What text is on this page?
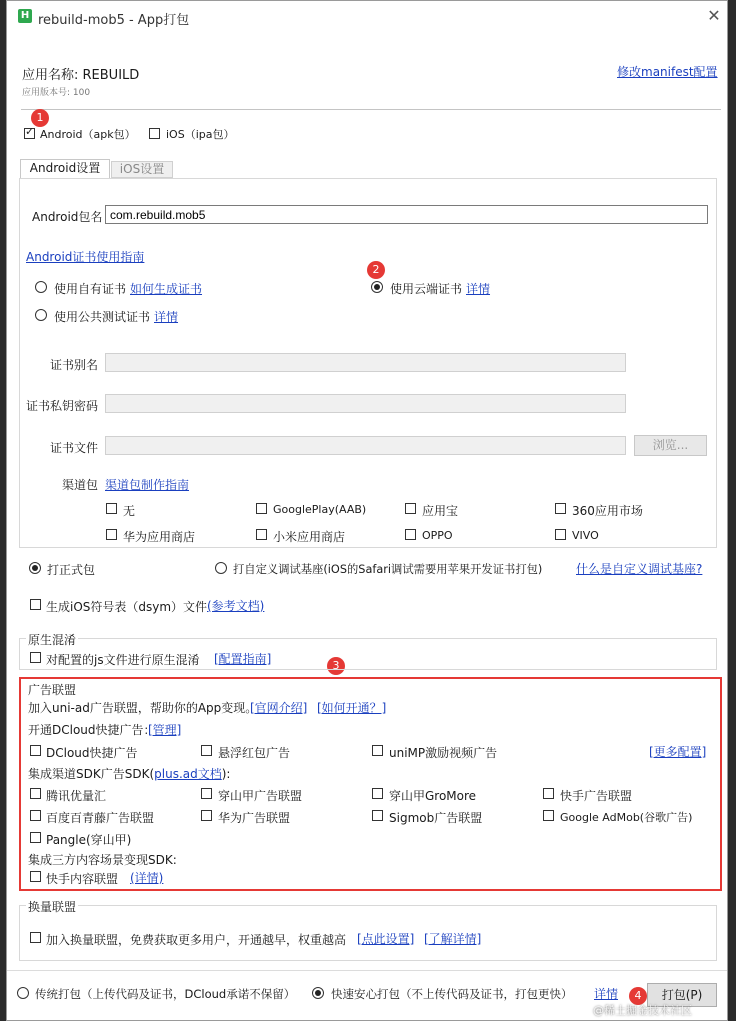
H rebuild-mob5 - App打包	✕
应用名称: REBUILD
应用版本号: 100
修改manifest配置
1
2
3
4
✓
Android（apk包）	iOS（ipa包）
Android设置	iOS设置
Android包名
com.rebuild.mob5
Android证书使用指南
使用自有证书 如何生成证书	使用云端证书 详情
使用公共测试证书 详情
证书别名
证书私钥密码
证书文件	浏览...
渠道包 渠道包制作指南
无	GooglePlay(AAB)	应用宝	360应用市场
华为应用商店	小米应用商店	OPPO	VIVO
打正式包	打自定义调试基座(iOS的Safari调试需要用苹果开发证书打包)	什么是自定义调试基座?
生成iOS符号表（dsym）文件 (参考文档)
原生混淆
对配置的js文件进行原生混淆 [配置指南]
广告联盟
加入uni-ad广告联盟，帮助你的App变现。
[官网介绍] [如何开通？]
开通DCloud快捷广告：
[管理]
DCloud快捷广告	悬浮红包广告	uniMP激励视频广告	[更多配置]
集成渠道SDK广告SDK(plus.ad文档):
腾讯优量汇	穿山甲广告联盟	穿山甲GroMore	快手广告联盟
百度百青藤广告联盟	华为广告联盟	Sigmob广告联盟	Google AdMob(谷歌广告)
Pangle(穿山甲)
集成三方内容场景变现SDK:
快手内容联盟 (详情)
换量联盟
加入换量联盟，免费获取更多用户，开通越早，权重越高 [点此设置] [了解详情]
传统打包（上传代码及证书，DCloud承诺不保留）	快速安心打包（不上传代码及证书，打包更快） 详情	打包(P)
@稀土掘金技术社区
